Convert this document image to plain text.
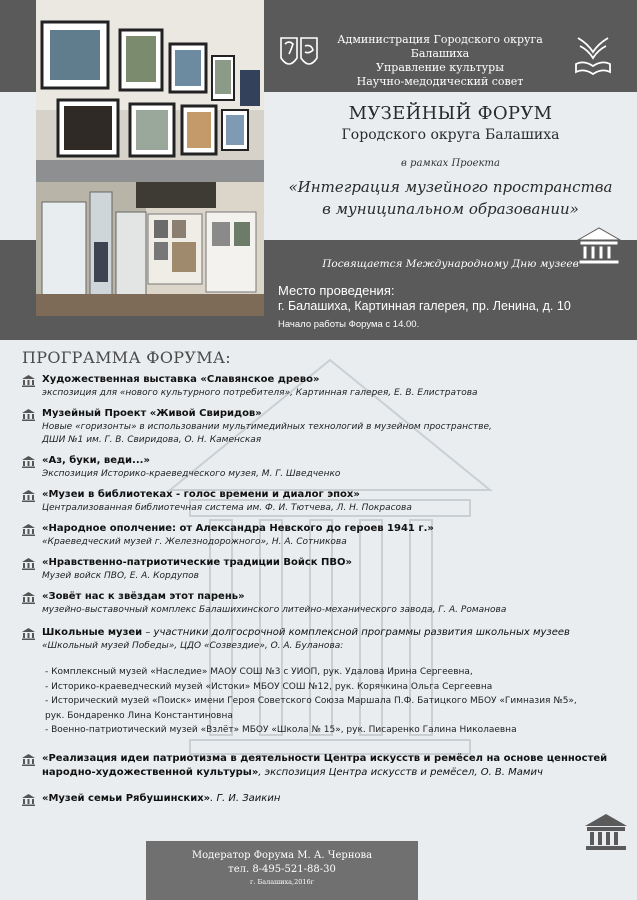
Администрация Городского округа Балашиха
Управление культуры
Научно-медодический совет
МУЗЕЙНЫЙ ФОРУМ
Городского округа Балашиха
в рамках Проекта
«Интеграция музейного пространства
в муниципальном образовании»
Посвящается Международному Дню музеев
Место проведения:
г. Балашиха, Картинная галерея, пр. Ленина, д. 10
Начало работы Форума с 14.00.
ПРОГРАММА ФОРУМА:
Художественная выставка «Славянское древо»
экспозиция для «нового культурного потребителя», Картинная галерея, Е. В. Елистратова
Музейный Проект «Живой Свиридов»
Новые «горизонты» в использовании мультимедийных технологий в музейном пространстве,
ДШИ №1 им. Г. В. Свиридова, О. Н. Каменская
«Аз, буки, веди...»
Экспозиция Историко-краеведческого музея, М. Г. Шведченко
«Музеи в библиотеках - голос времени и диалог эпох»
Централизованная библиотечная система им. Ф. И. Тютчева, Л. Н. Покрасова
«Народное ополчение: от Александра Невского до героев 1941 г.»
«Краеведческий музей г. Железнодорожного», Н. А. Сотникова
«Нравственно-патриотические традиции Войск ПВО»
Музей войск ПВО, Е. А. Кордупов
«Зовёт нас к звёздам этот парень»
музейно-выставочный комплекс Балашихинского литейно-механического завода, Г. А. Романова
Школьные музеи – участники долгосрочной комплексной программы развития школьных музеев
«Школьный музей Победы», ЦДО «Созвездие», О. А. Буланова:
- Комплексный музей «Наследие» МАОУ СОШ №3 с УИОП, рук. Удалова Ирина Сергеевна,
- Историко-краеведческий музей «Истоки» МБОУ СОШ №12, рук. Корячкина Ольга Сергеевна
- Исторический музей «Поиск» имени Героя Советского Союза Маршала П.Ф. Батицкого МБОУ «Гимназия №5»,
рук. Бондаренко Лина Константиновна
- Военно-патриотический музей «Взлёт» МБОУ «Школа № 15», рук. Писаренко Галина Николаевна
«Реализация идеи патриотизма в деятельности Центра искусств и ремёсел на основе ценностей
народно-художественной культуры», экспозиция Центра искусств и ремёсел, О. В. Мамич
«Музей семьи Рябушинских». Г. И. Заикин
Модератор Форума М. А. Чернова
тел. 8-495-521-88-30
г. Балашиха,2016г
